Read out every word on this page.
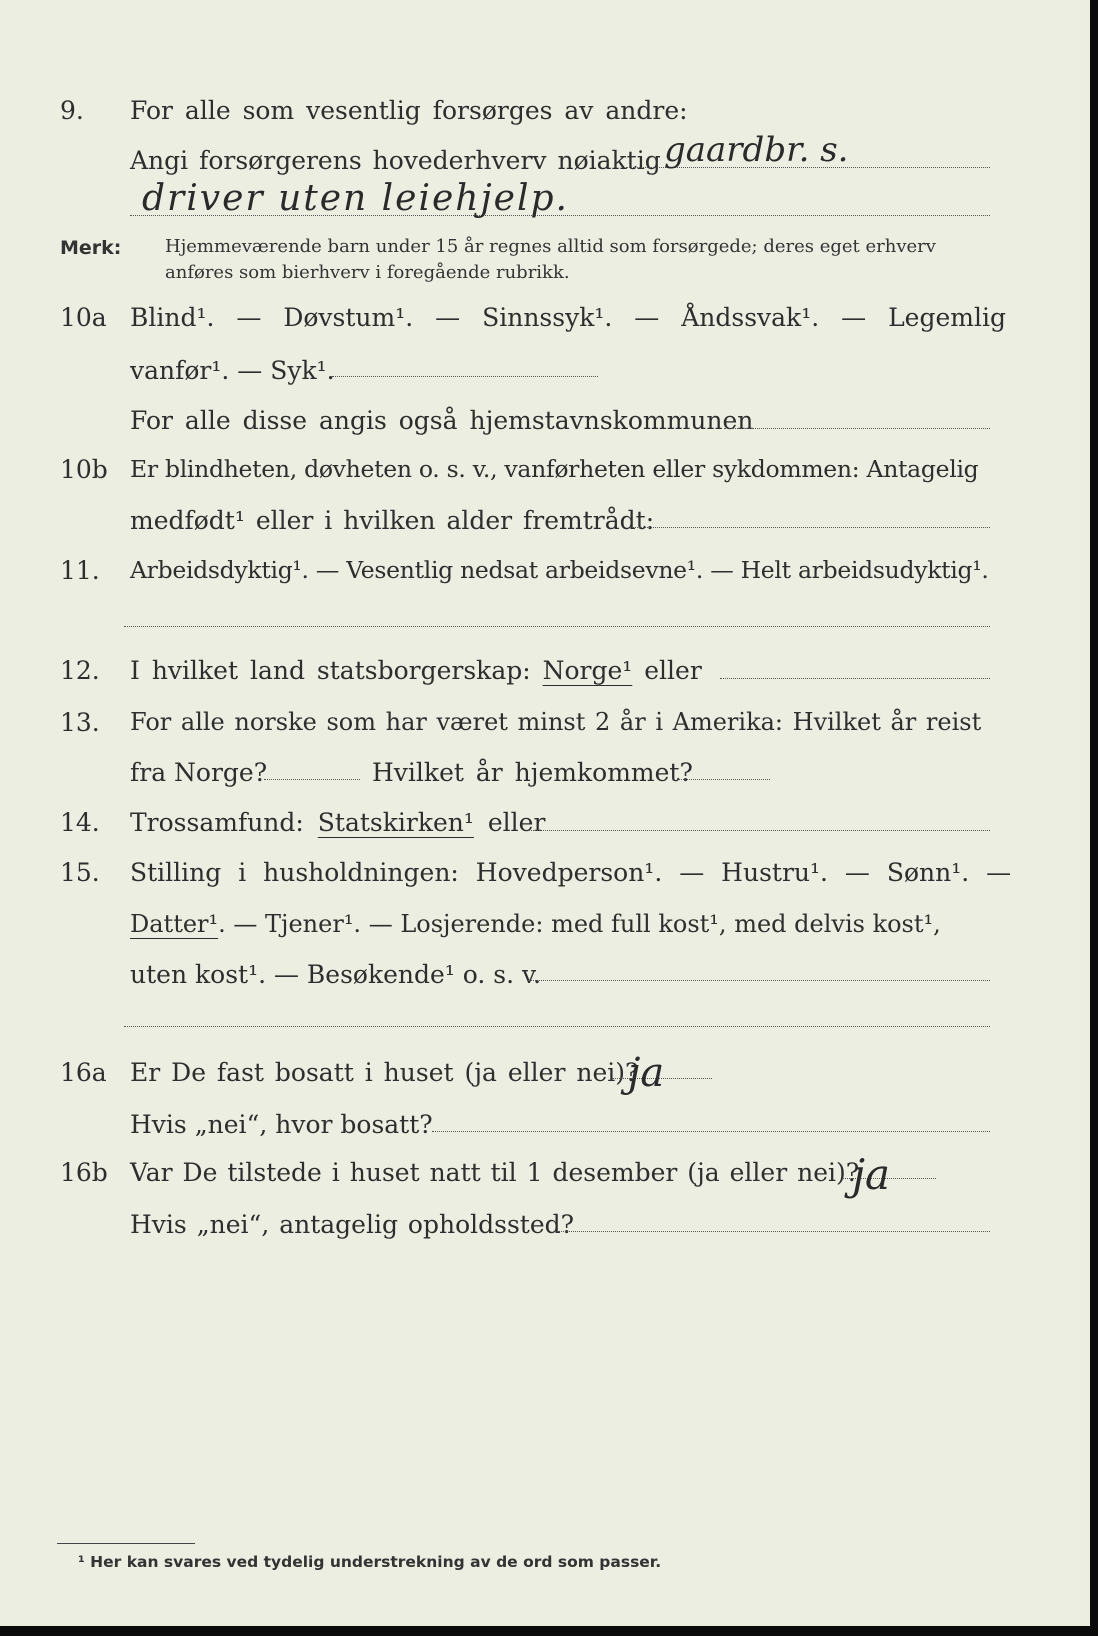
9. For alle som vesentlig forsørges av andre:
Angi forsørgerens hovederhverv nøiaktig gaardbr. s.
driver uten leiehjelp.
Merk: Hjemmeværende barn under 15 år regnes alltid som forsørgede; deres eget erhverv
anføres som bierhverv i foregående rubrikk.
10a Blind¹. — Døvstum¹. — Sinnssyk¹. — Åndssvak¹. — Legemlig
vanfør¹. — Syk¹.
For alle disse angis også hjemstavnskommunen
10b Er blindheten, døvheten o. s. v., vanførheten eller sykdommen: Antagelig
medfødt¹ eller i hvilken alder fremtrådt:
11. Arbeidsdyktig¹. — Vesentlig nedsat arbeidsevne¹. — Helt arbeidsudyktig¹.
12. I hvilket land statsborgerskap: Norge¹ eller
13. For alle norske som har været minst 2 år i Amerika: Hvilket år reist
fra Norge?	Hvilket år hjemkommet?
14. Trossamfund: Statskirken¹ eller
15. Stilling i husholdningen: Hovedperson¹. — Hustru¹. — Sønn¹. —
Datter¹. — Tjener¹. — Losjerende: med full kost¹, med delvis kost¹,
uten kost¹. — Besøkende¹ o. s. v.
16a Er De fast bosatt i huset (ja eller nei)?
ja
Hvis „nei“, hvor bosatt?
16b Var De tilstede i huset natt til 1 desember (ja eller nei)?
ja
Hvis „nei“, antagelig opholdssted?
¹ Her kan svares ved tydelig understrekning av de ord som passer.
